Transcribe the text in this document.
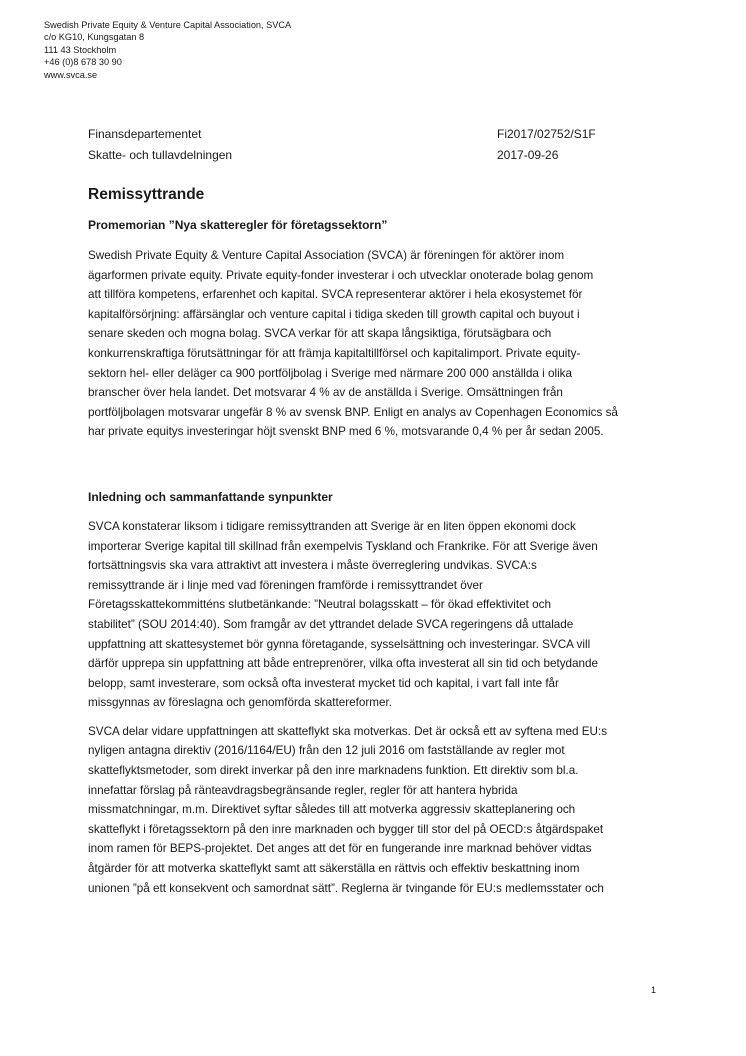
Swedish Private Equity & Venture Capital Association, SVCA
c/o KG10, Kungsgatan 8
111 43 Stockholm
+46 (0)8 678 30 90
www.svca.se
Finansdepartementet
Skatte- och tullavdelningen
Fi2017/02752/S1F
2017-09-26
Remissyttrande
Promemorian ”Nya skatteregler för företagssektorn”

Swedish Private Equity & Venture Capital Association (SVCA) är föreningen för aktörer inom

ägarformen private equity. Private equity-fonder investerar i och utvecklar onoterade bolag genom

att tillföra kompetens, erfarenhet och kapital. SVCA representerar aktörer i hela ekosystemet för

kapitalförsörjning: affärsänglar och venture capital i tidiga skeden till growth capital och buyout i

senare skeden och mogna bolag. SVCA verkar för att skapa långsiktiga, förutsägbara och

konkurrenskraftiga förutsättningar för att främja kapitaltillförsel och kapitalimport. Private equity-

sektorn hel- eller deläger ca 900 portföljbolag i Sverige med närmare 200 000 anställda i olika

branscher över hela landet. Det motsvarar 4 % av de anställda i Sverige. Omsättningen från

portföljbolagen motsvarar ungefär 8 % av svensk BNP. Enligt en analys av Copenhagen Economics så

har private equitys investeringar höjt svenskt BNP med 6 %, motsvarande 0,4 % per år sedan 2005.

Inledning och sammanfattande synpunkter

SVCA konstaterar liksom i tidigare remissyttranden att Sverige är en liten öppen ekonomi dock

importerar Sverige kapital till skillnad från exempelvis Tyskland och Frankrike. För att Sverige även

fortsättningsvis ska vara attraktivt att investera i måste överreglering undvikas. SVCA:s

remissyttrande är i linje med vad föreningen framförde i remissyttrandet över

Företagsskattekommitténs slutbetänkande: ”Neutral bolagsskatt – för ökad effektivitet och

stabilitet” (SOU 2014:40). Som framgår av det yttrandet delade SVCA regeringens då uttalade

uppfattning att skattesystemet bör gynna företagande, sysselsättning och investeringar. SVCA vill

därför upprepa sin uppfattning att både entreprenörer, vilka ofta investerat all sin tid och betydande

belopp, samt investerare, som också ofta investerat mycket tid och kapital, i vart fall inte får

missgynnas av föreslagna och genomförda skattereformer.

SVCA delar vidare uppfattningen att skatteflykt ska motverkas. Det är också ett av syftena med EU:s

nyligen antagna direktiv (2016/1164/EU) från den 12 juli 2016 om fastställande av regler mot

skatteflyktsmetoder, som direkt inverkar på den inre marknadens funktion. Ett direktiv som bl.a.

innefattar förslag på ränteavdragsbegränsande regler, regler för att hantera hybrida

missmatchningar, m.m. Direktivet syftar således till att motverka aggressiv skatteplanering och

skatteflykt i företagssektorn på den inre marknaden och bygger till stor del på OECD:s åtgärdspaket

inom ramen för BEPS-projektet. Det anges att det för en fungerande inre marknad behöver vidtas

åtgärder för att motverka skatteflykt samt att säkerställa en rättvis och effektiv beskattning inom

unionen ”på ett konsekvent och samordnat sätt”. Reglerna är tvingande för EU:s medlemsstater och

1
